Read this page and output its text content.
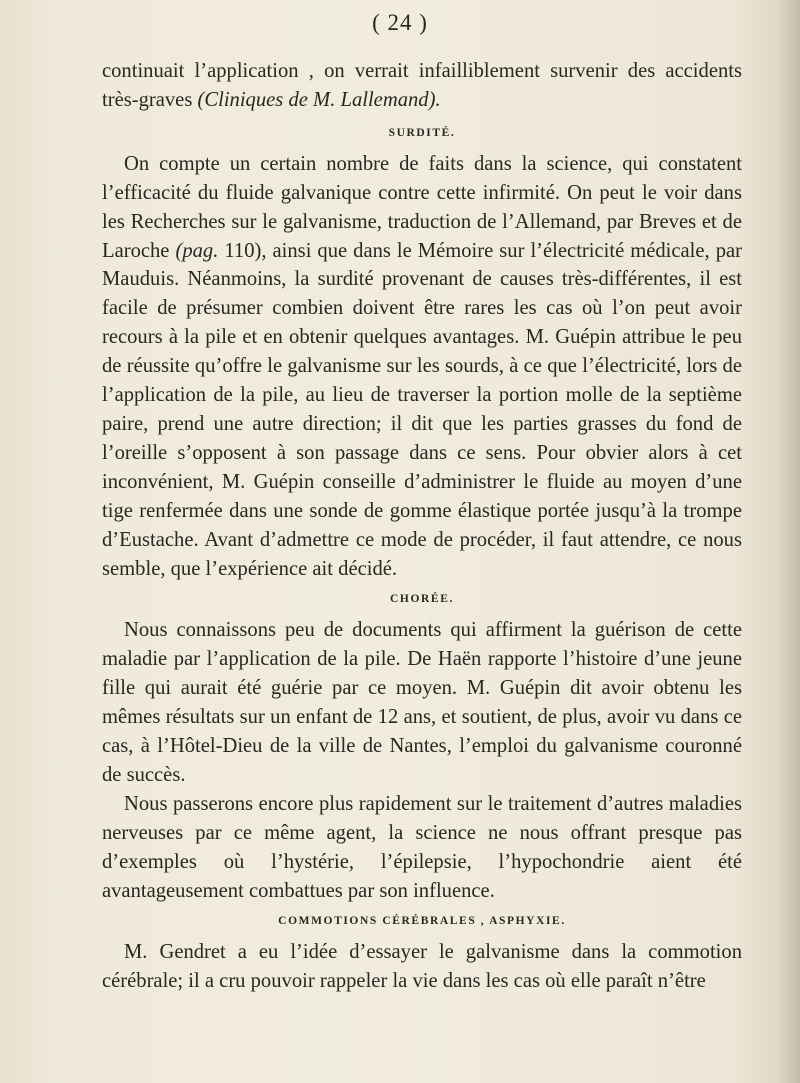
( 24 )

continuait l’application , on verrait infailliblement survenir des accidents très-graves (Cliniques de M. Lallemand).

SURDITÉ.

On compte un certain nombre de faits dans la science, qui constatent l’efficacité du fluide galvanique contre cette infirmité. On peut le voir dans les Recherches sur le galvanisme, traduction de l’Allemand, par Breves et de Laroche (pag. 110), ainsi que dans le Mémoire sur l’électricité médicale, par Mauduis. Néanmoins, la surdité provenant de causes très-différentes, il est facile de présumer combien doivent être rares les cas où l’on peut avoir recours à la pile et en obtenir quelques avantages. M. Guépin attribue le peu de réussite qu’offre le galvanisme sur les sourds, à ce que l’électricité, lors de l’application de la pile, au lieu de traverser la portion molle de la septième paire, prend une autre direction; il dit que les parties grasses du fond de l’oreille s’opposent à son passage dans ce sens. Pour obvier alors à cet inconvénient, M. Guépin conseille d’administrer le fluide au moyen d’une tige renfermée dans une sonde de gomme élastique portée jusqu’à la trompe d’Eustache. Avant d’admettre ce mode de procéder, il faut attendre, ce nous semble, que l’expérience ait décidé.

CHORÉE.

Nous connaissons peu de documents qui affirment la guérison de cette maladie par l’application de la pile. De Haën rapporte l’histoire d’une jeune fille qui aurait été guérie par ce moyen. M. Guépin dit avoir obtenu les mêmes résultats sur un enfant de 12 ans, et soutient, de plus, avoir vu dans ce cas, à l’Hôtel-Dieu de la ville de Nantes, l’emploi du galvanisme couronné de succès.

Nous passerons encore plus rapidement sur le traitement d’autres maladies nerveuses par ce même agent, la science ne nous offrant presque pas d’exemples où l’hystérie, l’épilepsie, l’hypochondrie aient été avantageusement combattues par son influence.

COMMOTIONS CÉRÉBRALES , ASPHYXIE.

M. Gendret a eu l’idée d’essayer le galvanisme dans la commotion cérébrale; il a cru pouvoir rappeler la vie dans les cas où elle paraît n’être
